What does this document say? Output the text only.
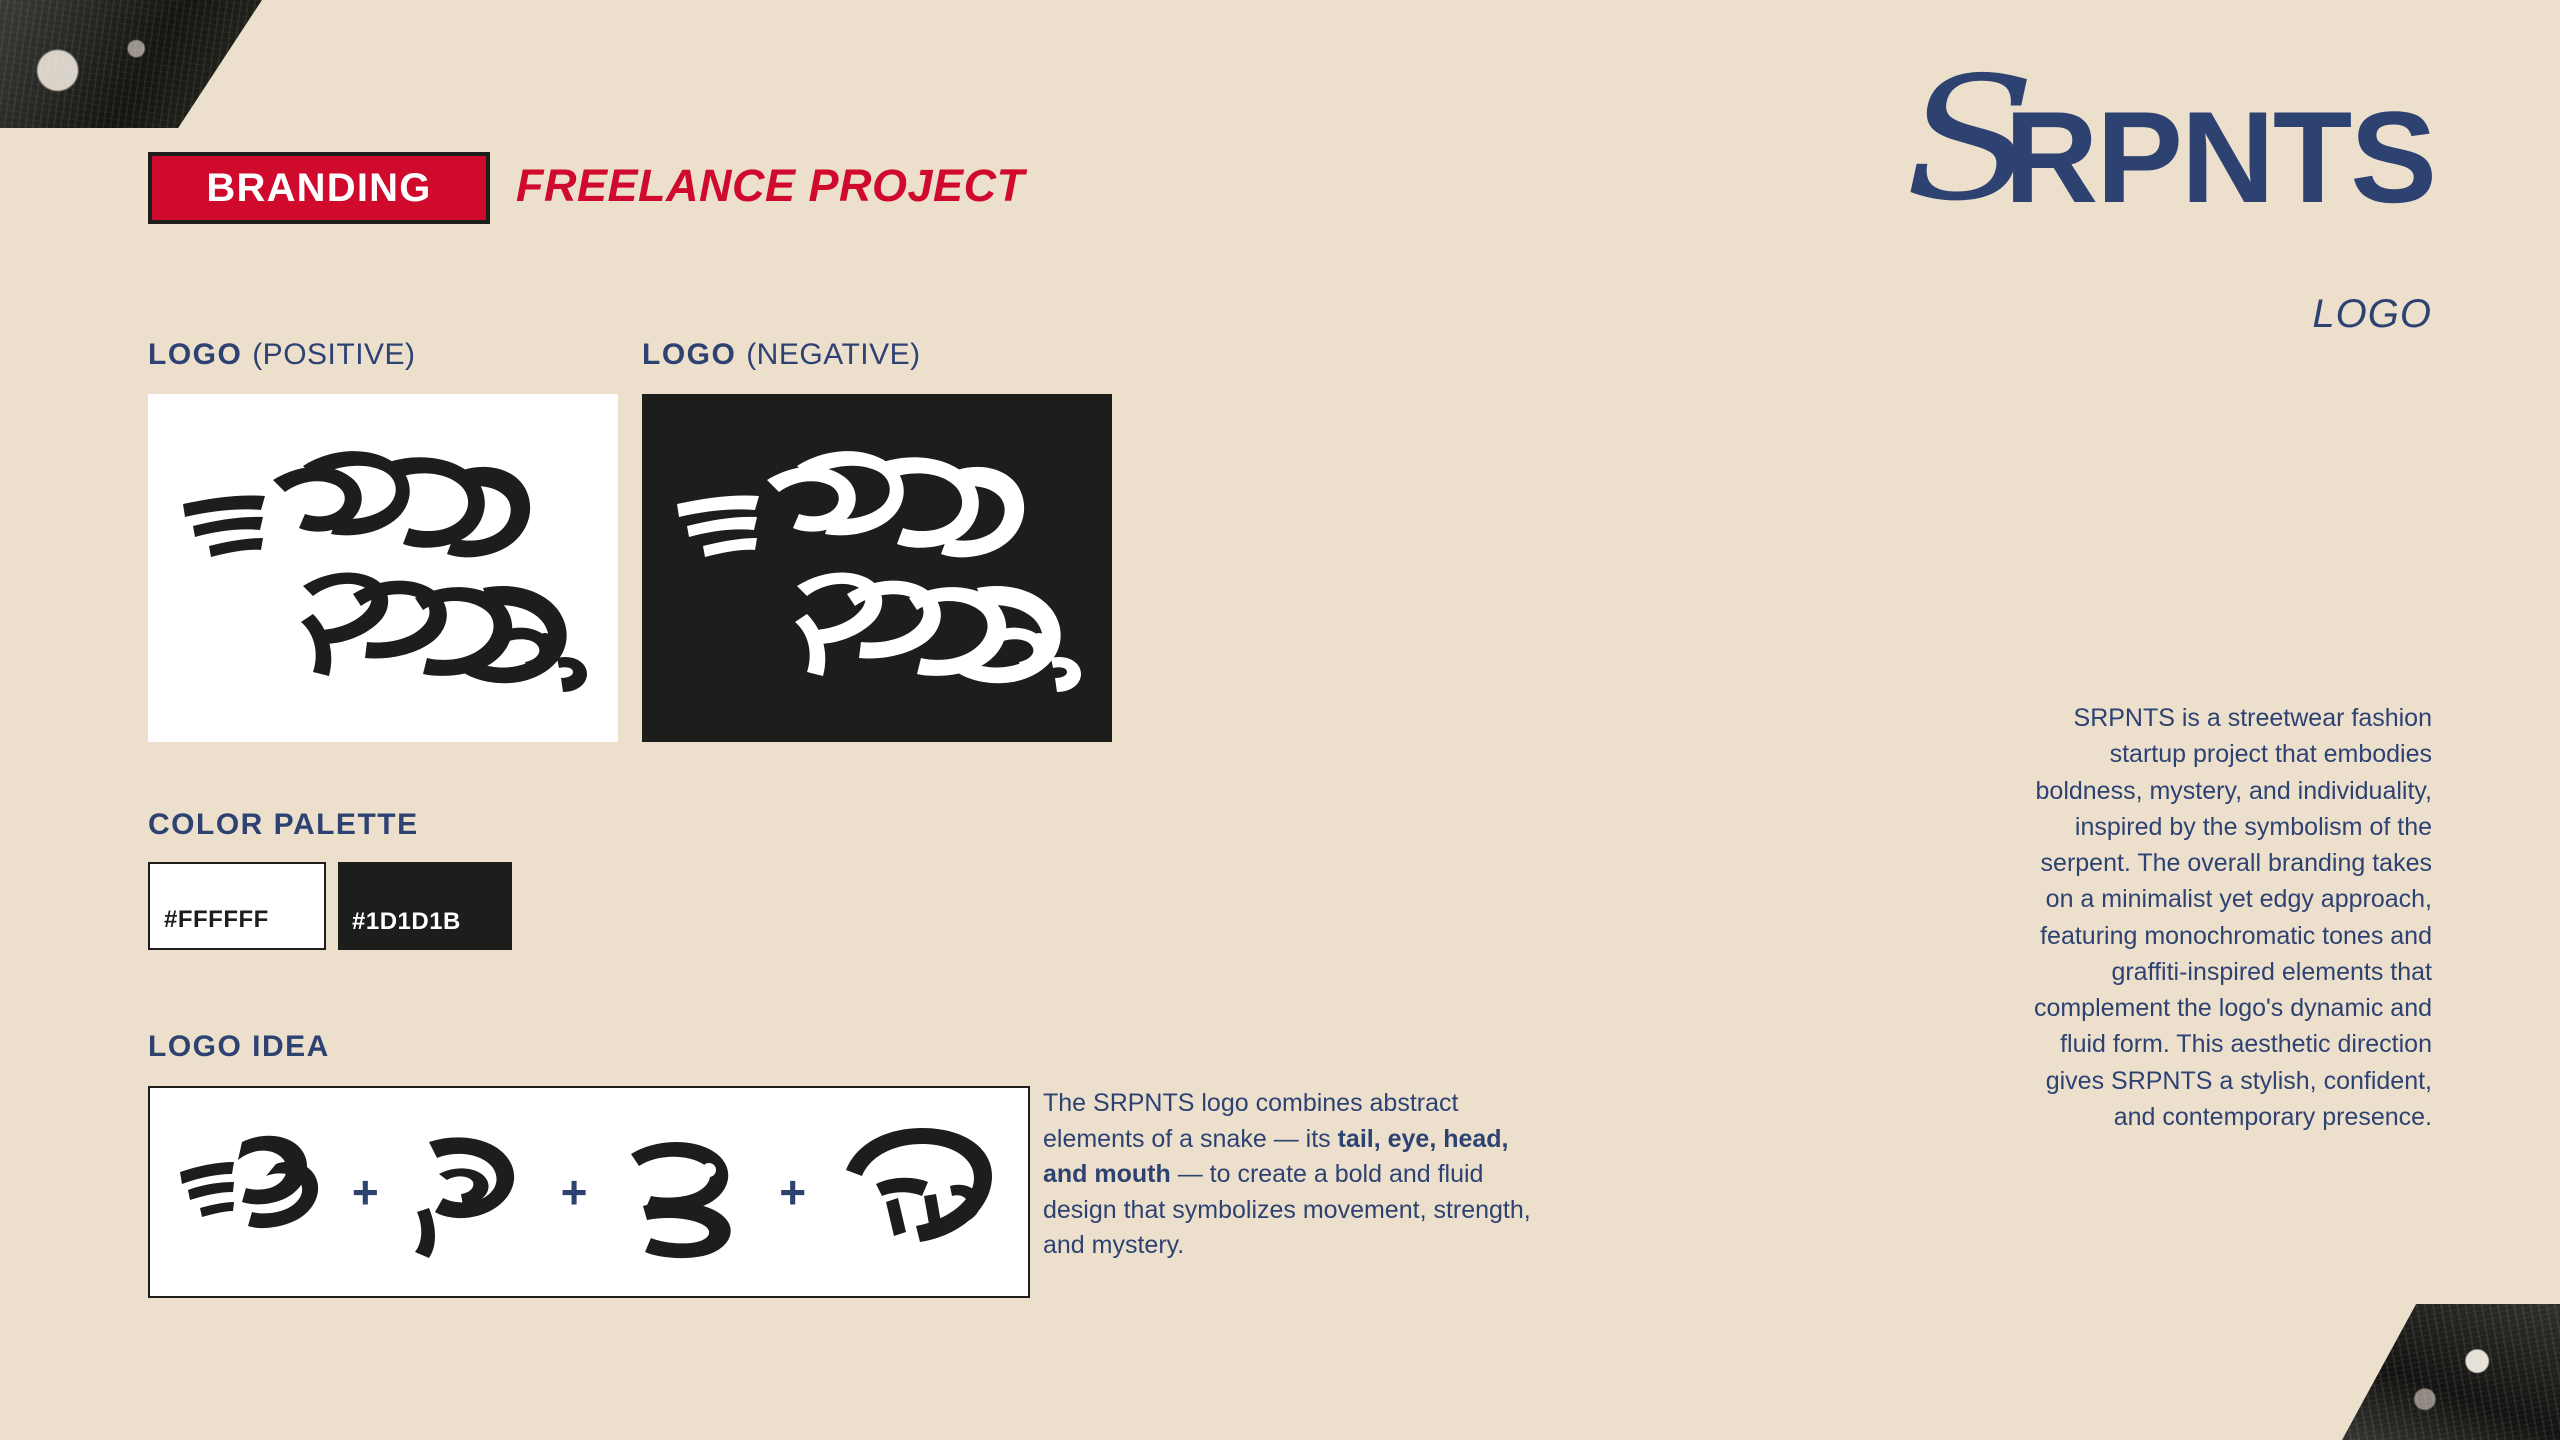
BRANDING FREELANCE PROJECT	S
RPNTS
LOGO
LOGO (POSITIVE)	LOGO (NEGATIVE)
COLOR PALETTE
LOGO IDEA
#FFFFFF	#1D1D1B
+	+	+
The SRPNTS logo combines abstract elements of a snake — its tail, eye, head, and mouth — to create a bold and fluid design that symbolizes movement, strength, and mystery.
SRPNTS is a streetwear fashion startup project that embodies boldness, mystery, and individuality, inspired by the symbolism of the serpent. The overall branding takes on a minimalist yet edgy approach, featuring monochromatic tones and graffiti-inspired elements that complement the logo's dynamic and fluid form. This aesthetic direction gives SRPNTS a stylish, confident, and contemporary presence.
